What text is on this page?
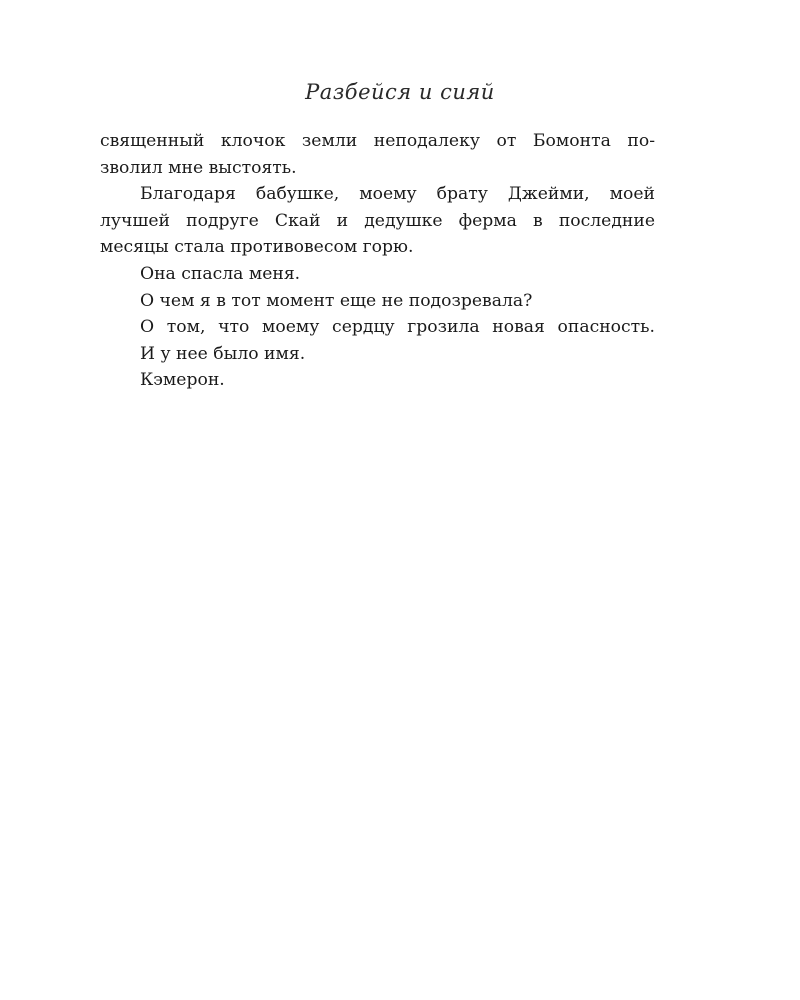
Разбейся и сияй
священный клочок земли неподалеку от Бомонта по-
зволил мне выстоять.
Благодаря бабушке, моему брату Джейми, моей
лучшей подруге Скай и дедушке ферма в последние
месяцы стала противовесом горю.
Она спасла меня.
О чем я в тот момент еще не подозревала?
О том, что моему сердцу грозила новая опасность.
И у нее было имя.
Кэмерон.
